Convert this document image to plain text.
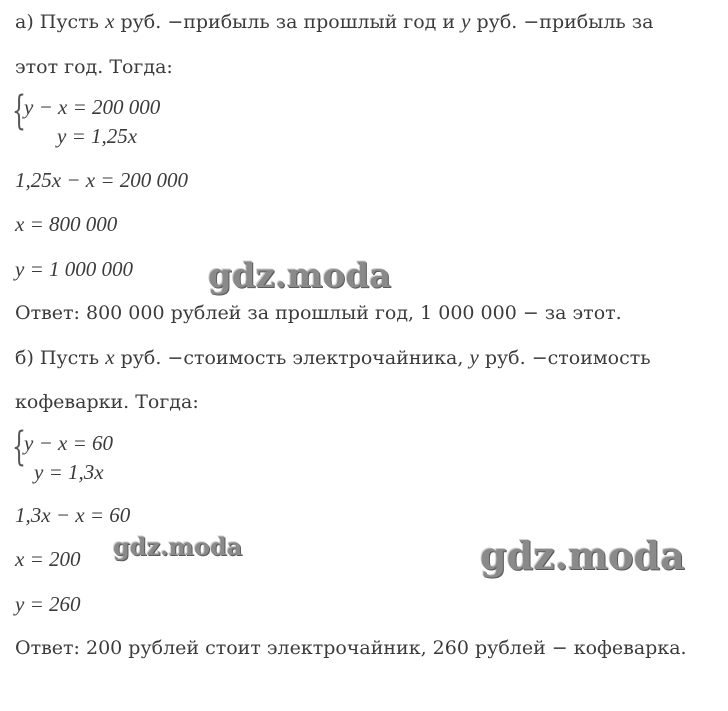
а) Пусть x руб. −прибыль за прошлый год и y руб. −прибыль за
этот год. Тогда:
{
y − x = 200 000
y = 1,25x
1,25x − x = 200 000
x = 800 000
y = 1 000 000
Ответ: 800 000 рублей за прошлый год, 1 000 000 − за этот.
б) Пусть x руб. −стоимость электрочайника, y руб. −стоимость
кофеварки. Тогда:
{
y − x = 60
y = 1,3x
1,3x − x = 60
x = 200
y = 260
Ответ: 200 рублей стоит электрочайник, 260 рублей − кофеварка.
gdz.moda
gdz.moda	gdz.moda
